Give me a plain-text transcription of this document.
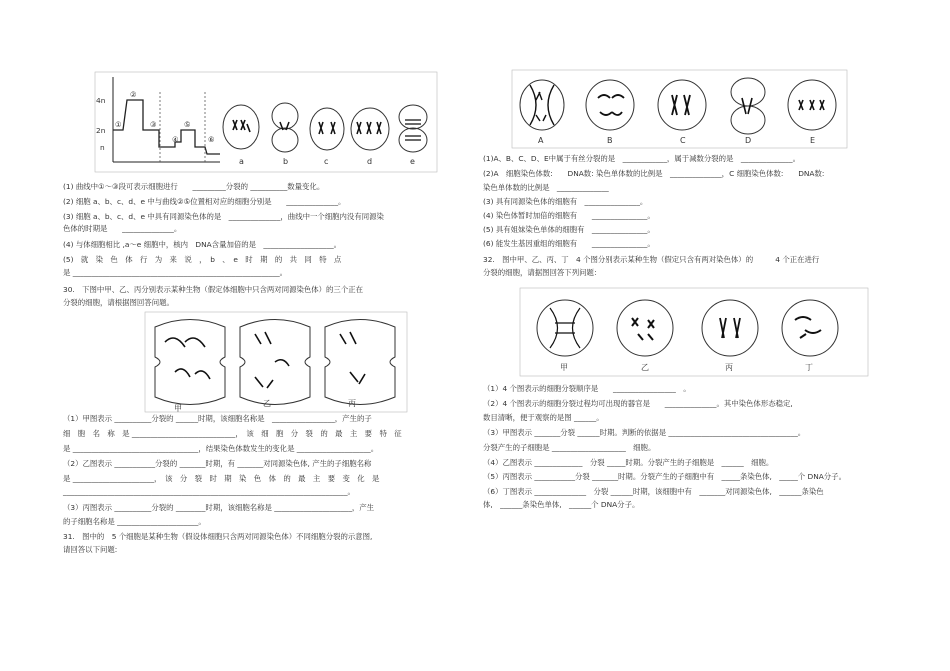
4n
2n
n
①
②
③
④
⑤
⑥
a	b	c	d	e
(1) 曲线中①～③段可表示细胞进行　　_________分裂的 __________数量变化。
(2) 细胞 a、b、c、d、e 中与曲线②⑤位置相对应的细胞分别是　　______________。
(3) 细胞 a、b、c、d、e 中具有同源染色体的是　______________，曲线中一个细胞内没有同源染
色体的时期是　　______________。
(4) 与体细胞相比 ,a～e 细胞中，核内　DNA含量加倍的是　___________________。
(5)　就　染　色　体　行　为　来　说　，　b　、　e　时　期　的　共　同　特　点
是 ________________________________________________________。
30.　下图中甲、乙、丙分别表示某种生物（假定体细胞中只含两对同源染色体）的三个正在
分裂的细胞，请根据图回答问题。
甲
乙	丙
（1）甲图表示 __________分裂的 ______时期，该细胞名称是　_________________，产生的子
细　胞　名　称　是 ____________________________，　该　细　胞　分　裂　的　最　主　要　特　征
是 __________________________________，结果染色体数发生的变化是 ____________________。
（2）乙图表示 ___________分裂的 _______时期，有 _______对同源染色体, 产生的子细胞名称
是 ______________________，　该　分　裂　时　期　染　色　体　的　最　主　要　变　化　是
_____________________________________________________________________________。
（3）丙图表示 __________分裂的 ________时期，该细胞名称是 _____________________，产生
的子细胞名称是 ______________________。
31.　图中的　5 个细胞是某种生物（假设体细胞只含两对同源染色体）不同细胞分裂的示意图,
请回答以下问题:
A	B	C	D	E
(1)A、B、C、D、E中属于有丝分裂的是　____________，属于减数分裂的是　______________。
(2)A　细胞染色体数:　　DNA数: 染色单体数的比例是　______________，C 细胞染色体数:　　DNA数:
染色单体数的比例是　______________
(3) 具有同源染色体的细胞有　_______________。
(4) 染色体暂时加倍的细胞有　　_______________。
(5) 具有姐妹染色单体的细胞有　_______________。
(6) 能发生基因重组的细胞有　　_______________。
32.　图中甲、乙、丙、丁　4 个图分别表示某种生物（假定只含有两对染色体）的　　　4 个正在进行
分裂的细胞，请据图回答下列问题：
甲	乙	丙	丁
（1）4 个图表示的细胞分裂顺序是　　_________________　。
（2）4 个图表示的细胞分裂过程均可出现的器官是　　______________。其中染色体形态稳定,
数目清晰，便于观察的是图 ______。
（3）甲图表示 _______分裂 ______时期。判断的依据是 ___________________________________。
分裂产生的子细胞是 ____________________　细胞。
（4）乙图表示 _____________　分裂 _____时期。分裂产生的子细胞是　______　细胞。
（5）丙图表示 ___________分裂 _______时期。分裂产生的子细胞中有　_____条染色体,　_____个 DNA分子。
（6）丁图表示 ______________　分裂 ______时期，该细胞中有　_______对同源染色体,　______条染色
体,　______条染色单体,　______个 DNA分子。
